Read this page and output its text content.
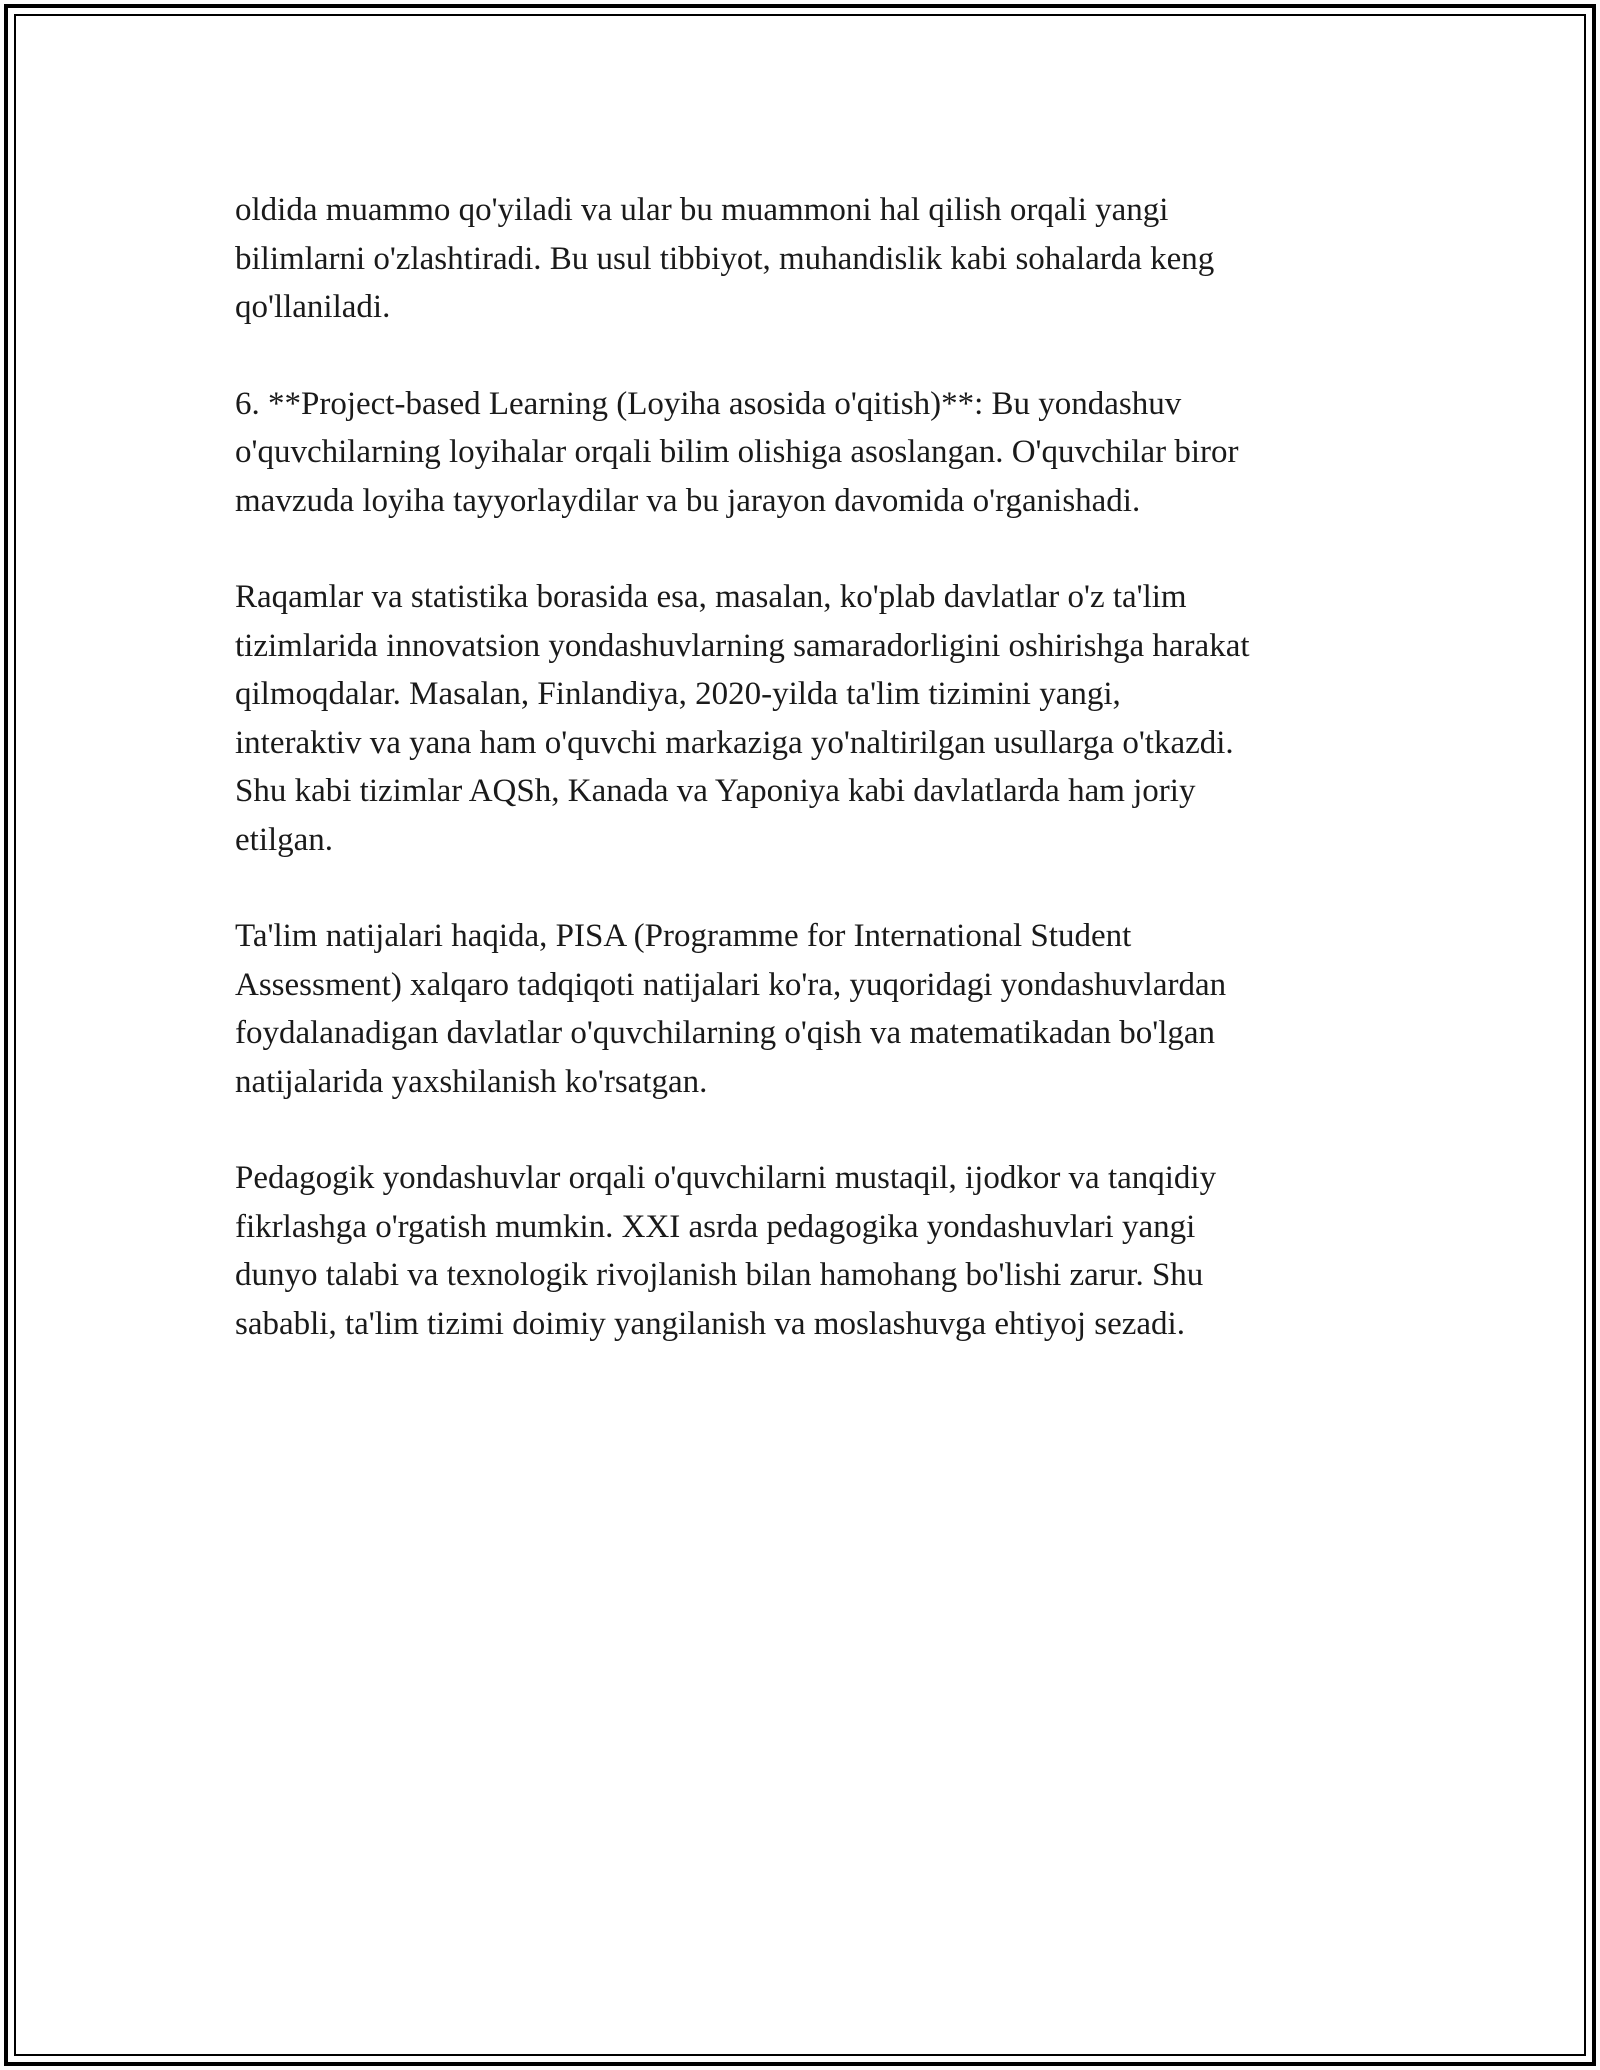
oldida muammo qo'yiladi va ular bu muammoni hal qilish orqali yangi
bilimlarni o'zlashtiradi. Bu usul tibbiyot, muhandislik kabi sohalarda keng
qo'llaniladi.

6. **Project-based Learning (Loyiha asosida o'qitish)**: Bu yondashuv
o'quvchilarning loyihalar orqali bilim olishiga asoslangan. O'quvchilar biror
mavzuda loyiha tayyorlaydilar va bu jarayon davomida o'rganishadi.

Raqamlar va statistika borasida esa, masalan, ko'plab davlatlar o'z ta'lim
tizimlarida innovatsion yondashuvlarning samaradorligini oshirishga harakat
qilmoqdalar. Masalan, Finlandiya, 2020-yilda ta'lim tizimini yangi,
interaktiv va yana ham o'quvchi markaziga yo'naltirilgan usullarga o'tkazdi.
Shu kabi tizimlar AQSh, Kanada va Yaponiya kabi davlatlarda ham joriy
etilgan.

Ta'lim natijalari haqida, PISA (Programme for International Student
Assessment) xalqaro tadqiqoti natijalari ko'ra, yuqoridagi yondashuvlardan
foydalanadigan davlatlar o'quvchilarning o'qish va matematikadan bo'lgan
natijalarida yaxshilanish ko'rsatgan.

Pedagogik yondashuvlar orqali o'quvchilarni mustaqil, ijodkor va tanqidiy
fikrlashga o'rgatish mumkin. XXI asrda pedagogika yondashuvlari yangi
dunyo talabi va texnologik rivojlanish bilan hamohang bo'lishi zarur. Shu
sababli, ta'lim tizimi doimiy yangilanish va moslashuvga ehtiyoj sezadi.
